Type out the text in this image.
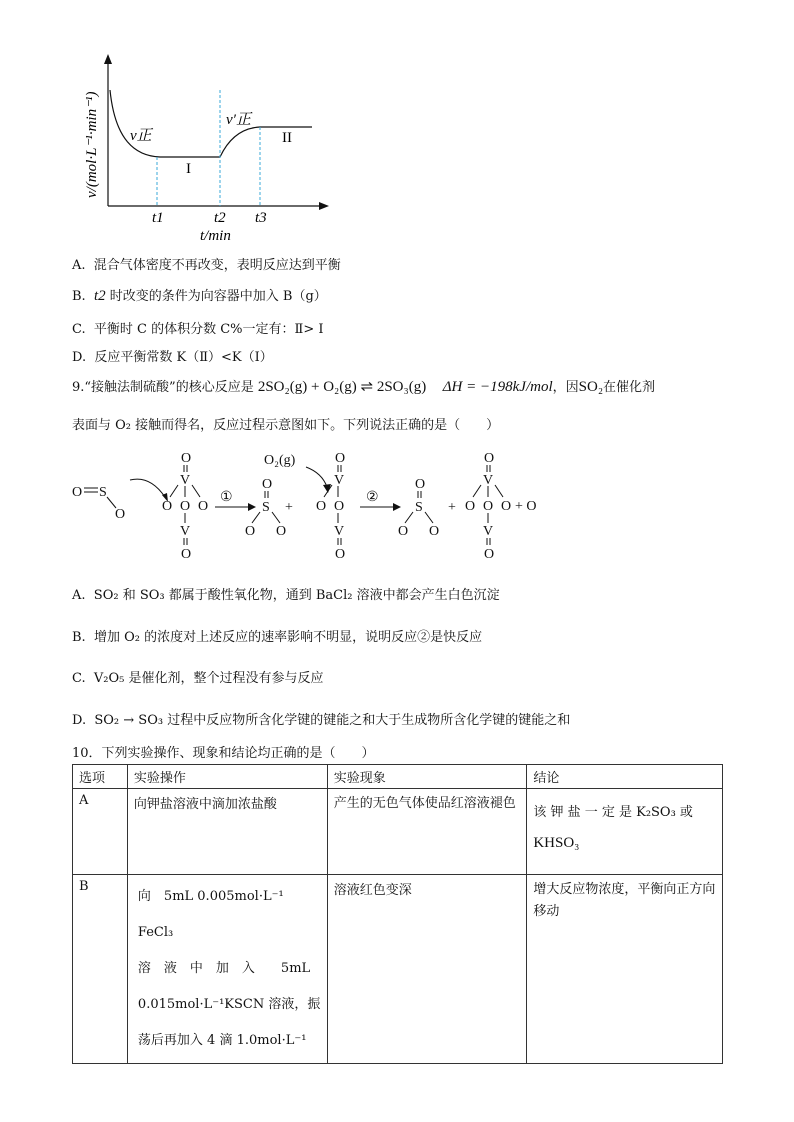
v/(mol·L⁻¹·min⁻¹) v正
v′正
I
II
t1	t2 t3
t/min
A. 混合气体密度不再改变，表明反应达到平衡
B. t2 时改变的条件为向容器中加入 B（g）
C. 平衡时 C 的体积分数 C%一定有：Ⅱ> Ⅰ
D. 反应平衡常数 K（Ⅱ）<K（Ⅰ）
9.“接触法制硫酸”的核心反应是 2SO₂(g) + O₂(g) ⇌ 2SO₃(g) ΔH = −198kJ/mol，因SO₂在催化剂
表面与 O₂ 接触而得名，反应过程示意图如下。下列说法正确的是（　　）
O S
O
O
V
O O O
V
O
①
O
S
O O
+
O₂(g)	O
V
O O
V
O
②
O
S
O O
+
O
V
O O O
V
O
+ O
A. SO₂ 和 SO₃ 都属于酸性氧化物，通到 BaCl₂ 溶液中都会产生白色沉淀
B. 增加 O₂ 的浓度对上述反应的速率影响不明显，说明反应②是快反应
C. V₂O₅ 是催化剂，整个过程没有参与反应
D. SO₂ → SO₃ 过程中反应物所含化学键的键能之和大于生成物所含化学键的键能之和
10．下列实验操作、现象和结论均正确的是（　　）
选项	实验操作	实验现象	结论
A	向钾盐溶液中滴加浓盐酸	产生的无色气体使品红溶液褪色	该 钾 盐 一 定 是 K₂SO₃ 或
KHSO₃

B	向　5mL 0.005mol·L⁻¹ FeCl₃
溶　液　中　加　入　　5mL
0.015mol·L⁻¹KSCN 溶液，振
荡后再加入 4 滴 1.0mol·L⁻¹	溶液红色变深	增大反应物浓度，平衡向正方向移动
